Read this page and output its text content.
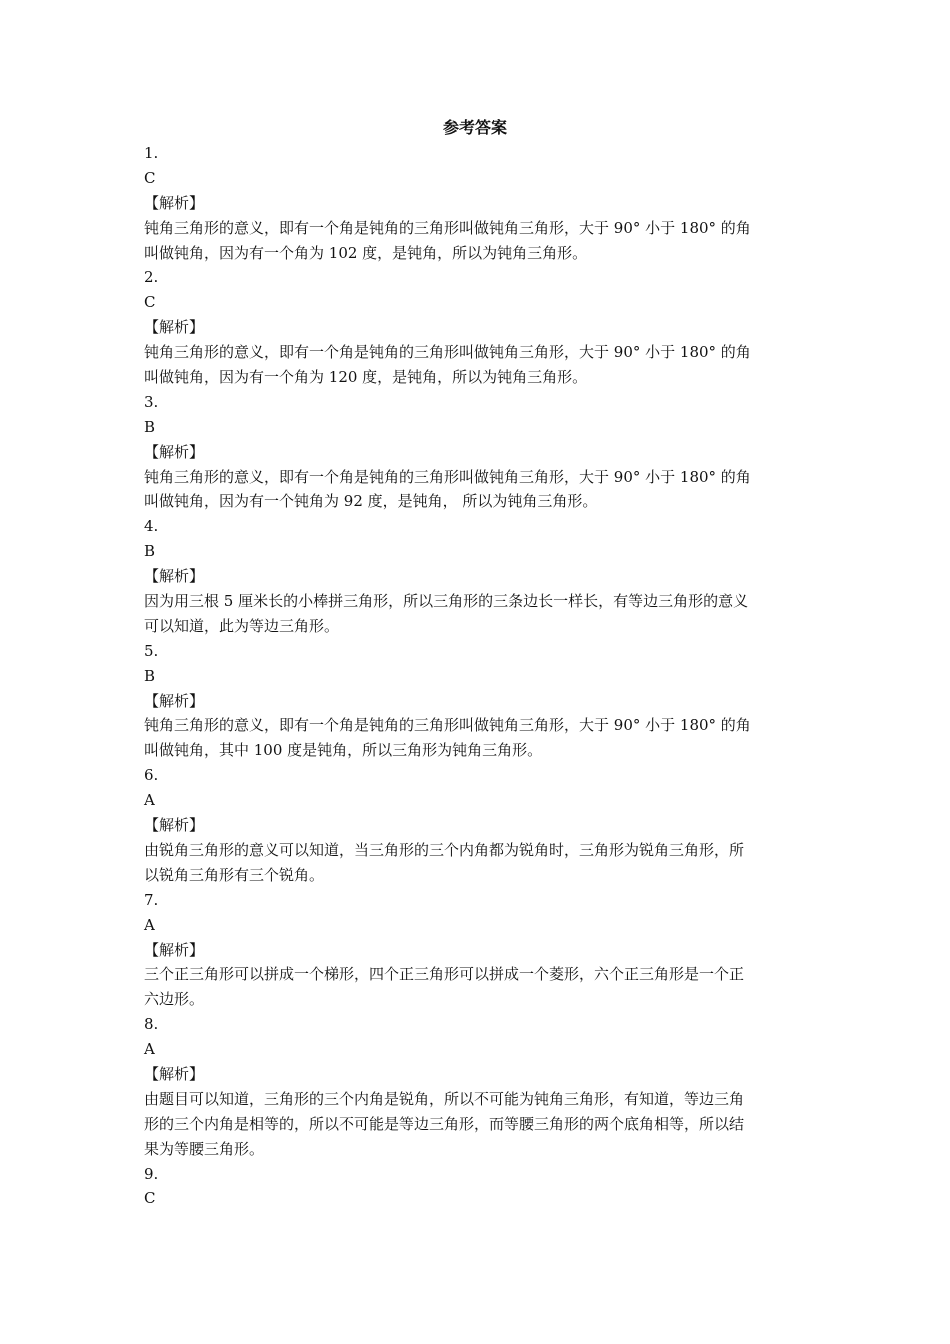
参考答案
1.
C
【解析】
钝角三角形的意义，即有一个角是钝角的三角形叫做钝角三角形，大于 90° 小于 180° 的角
叫做钝角，因为有一个角为 102 度，是钝角，所以为钝角三角形。
2.
C
【解析】
钝角三角形的意义，即有一个角是钝角的三角形叫做钝角三角形，大于 90° 小于 180° 的角
叫做钝角，因为有一个角为 120 度，是钝角，所以为钝角三角形。
3.
B
【解析】
钝角三角形的意义，即有一个角是钝角的三角形叫做钝角三角形，大于 90° 小于 180° 的角
叫做钝角，因为有一个钝角为 92 度，是钝角， 所以为钝角三角形。
4.
B
【解析】
因为用三根 5 厘米长的小棒拼三角形，所以三角形的三条边长一样长，有等边三角形的意义
可以知道，此为等边三角形。
5.
B
【解析】
钝角三角形的意义，即有一个角是钝角的三角形叫做钝角三角形，大于 90° 小于 180° 的角
叫做钝角，其中 100 度是钝角，所以三角形为钝角三角形。
6.
A
【解析】
由锐角三角形的意义可以知道，当三角形的三个内角都为锐角时，三角形为锐角三角形，所
以锐角三角形有三个锐角。
7.
A
【解析】
三个正三角形可以拼成一个梯形，四个正三角形可以拼成一个菱形，六个正三角形是一个正
六边形。
8.
A
【解析】
由题目可以知道，三角形的三个内角是锐角，所以不可能为钝角三角形，有知道，等边三角
形的三个内角是相等的，所以不可能是等边三角形，而等腰三角形的两个底角相等，所以结
果为等腰三角形。
9.
C
